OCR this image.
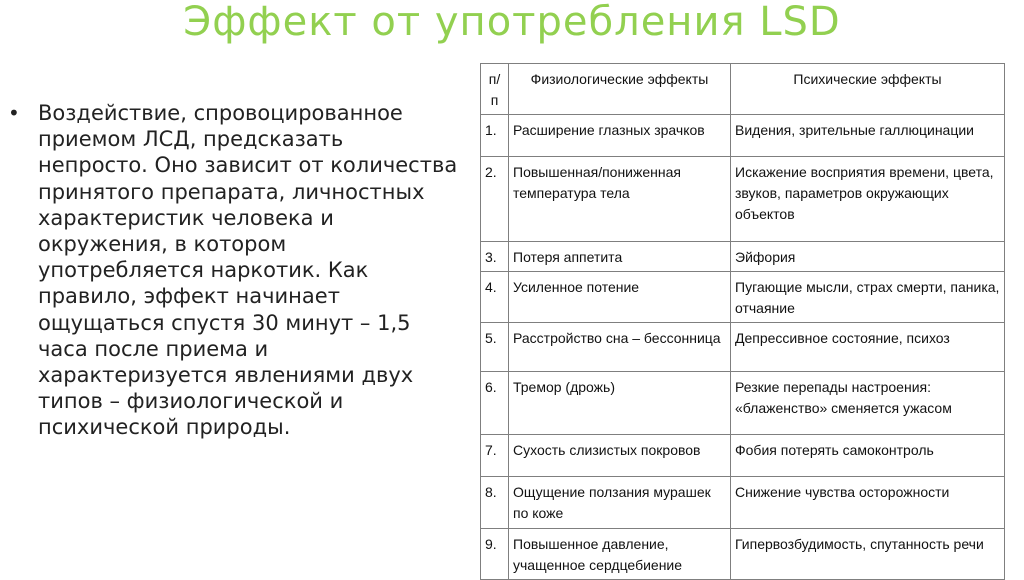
Эффект от употребления LSD
• Воздействие, спровоцированное приемом ЛСД, предсказать непросто. Оно зависит от количества принятого препарата, личностных характеристик человека и окружения, в котором употребляется наркотик. Как правило, эффект начинает ощущаться спустя 30 минут – 1,5 часа после приема и характеризуется явлениями двух типов – физиологической и психической природы.
п/п	Физиологические эффекты	Психические эффекты
1.	Расширение глазных зрачков	Видения, зрительные галлюцинации
2.	Повышенная/пониженная температура тела	Искажение восприятия времени, цвета, звуков, параметров окружающих объектов
3.	Потеря аппетита	Эйфория
4.	Усиленное потение	Пугающие мысли, страх смерти, паника, отчаяние
5.	Расстройство сна – бессонница	Депрессивное состояние, психоз
6.	Тремор (дрожь)	Резкие перепады настроения: «блаженство» сменяется ужасом
7.	Сухость слизистых покровов	Фобия потерять самоконтроль
8.	Ощущение ползания мурашек по коже	Снижение чувства осторожности
9.	Повышенное давление, учащенное сердцебиение	Гипервозбудимость, спутанность речи
